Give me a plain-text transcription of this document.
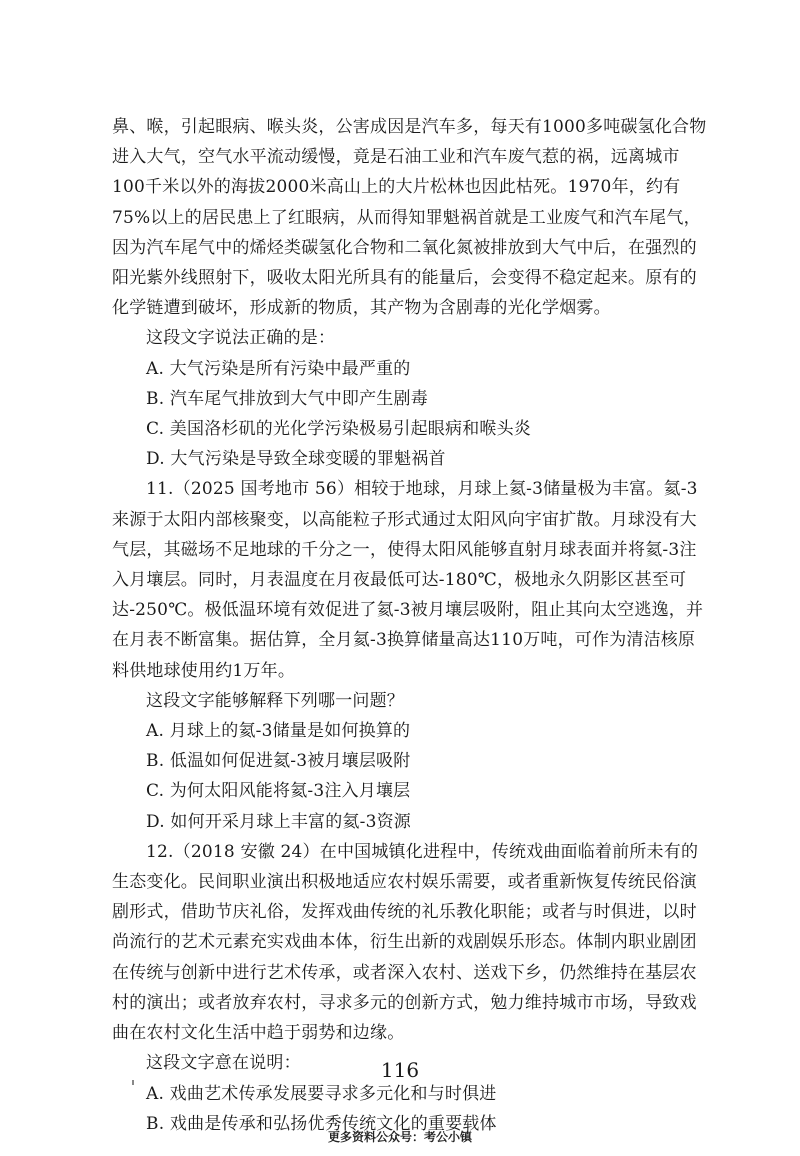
鼻、喉，引起眼病、喉头炎，公害成因是汽车多，每天有1000多吨碳氢化合物进入大气，空气水平流动缓慢，竟是石油工业和汽车废气惹的祸，远离城市100千米以外的海拔2000米高山上的大片松林也因此枯死。1970年，约有75%以上的居民患上了红眼病，从而得知罪魁祸首就是工业废气和汽车尾气，因为汽车尾气中的烯烃类碳氢化合物和二氧化氮被排放到大气中后，在强烈的阳光紫外线照射下，吸收太阳光所具有的能量后，会变得不稳定起来。原有的化学链遭到破坏，形成新的物质，其产物为含剧毒的光化学烟雾。

这段文字说法正确的是：

A. 大气污染是所有污染中最严重的

B. 汽车尾气排放到大气中即产生剧毒

C. 美国洛杉矶的光化学污染极易引起眼病和喉头炎

D. 大气污染是导致全球变暖的罪魁祸首

11.（2025 国考地市 56）相较于地球，月球上氦-3储量极为丰富。氦-3来源于太阳内部核聚变，以高能粒子形式通过太阳风向宇宙扩散。月球没有大气层，其磁场不足地球的千分之一，使得太阳风能够直射月球表面并将氦-3注入月壤层。同时，月表温度在月夜最低可达-180℃，极地永久阴影区甚至可达-250℃。极低温环境有效促进了氦-3被月壤层吸附，阻止其向太空逃逸，并在月表不断富集。据估算，全月氦-3换算储量高达110万吨，可作为清洁核原料供地球使用约1万年。

这段文字能够解释下列哪一问题？

A. 月球上的氦-3储量是如何换算的

B. 低温如何促进氦-3被月壤层吸附

C. 为何太阳风能将氦-3注入月壤层

D. 如何开采月球上丰富的氦-3资源

12.（2018 安徽 24）在中国城镇化进程中，传统戏曲面临着前所未有的生态变化。民间职业演出积极地适应农村娱乐需要，或者重新恢复传统民俗演剧形式，借助节庆礼俗，发挥戏曲传统的礼乐教化职能；或者与时俱进，以时尚流行的艺术元素充实戏曲本体，衍生出新的戏剧娱乐形态。体制内职业剧团在传统与创新中进行艺术传承，或者深入农村、送戏下乡，仍然维持在基层农村的演出；或者放弃农村，寻求多元的创新方式，勉力维持城市市场，导致戏曲在农村文化生活中趋于弱势和边缘。

这段文字意在说明：

A. 戏曲艺术传承发展要寻求多元化和与时俱进

B. 戏曲是传承和弘扬优秀传统文化的重要载体

116
更多资料公众号：考公小镇
